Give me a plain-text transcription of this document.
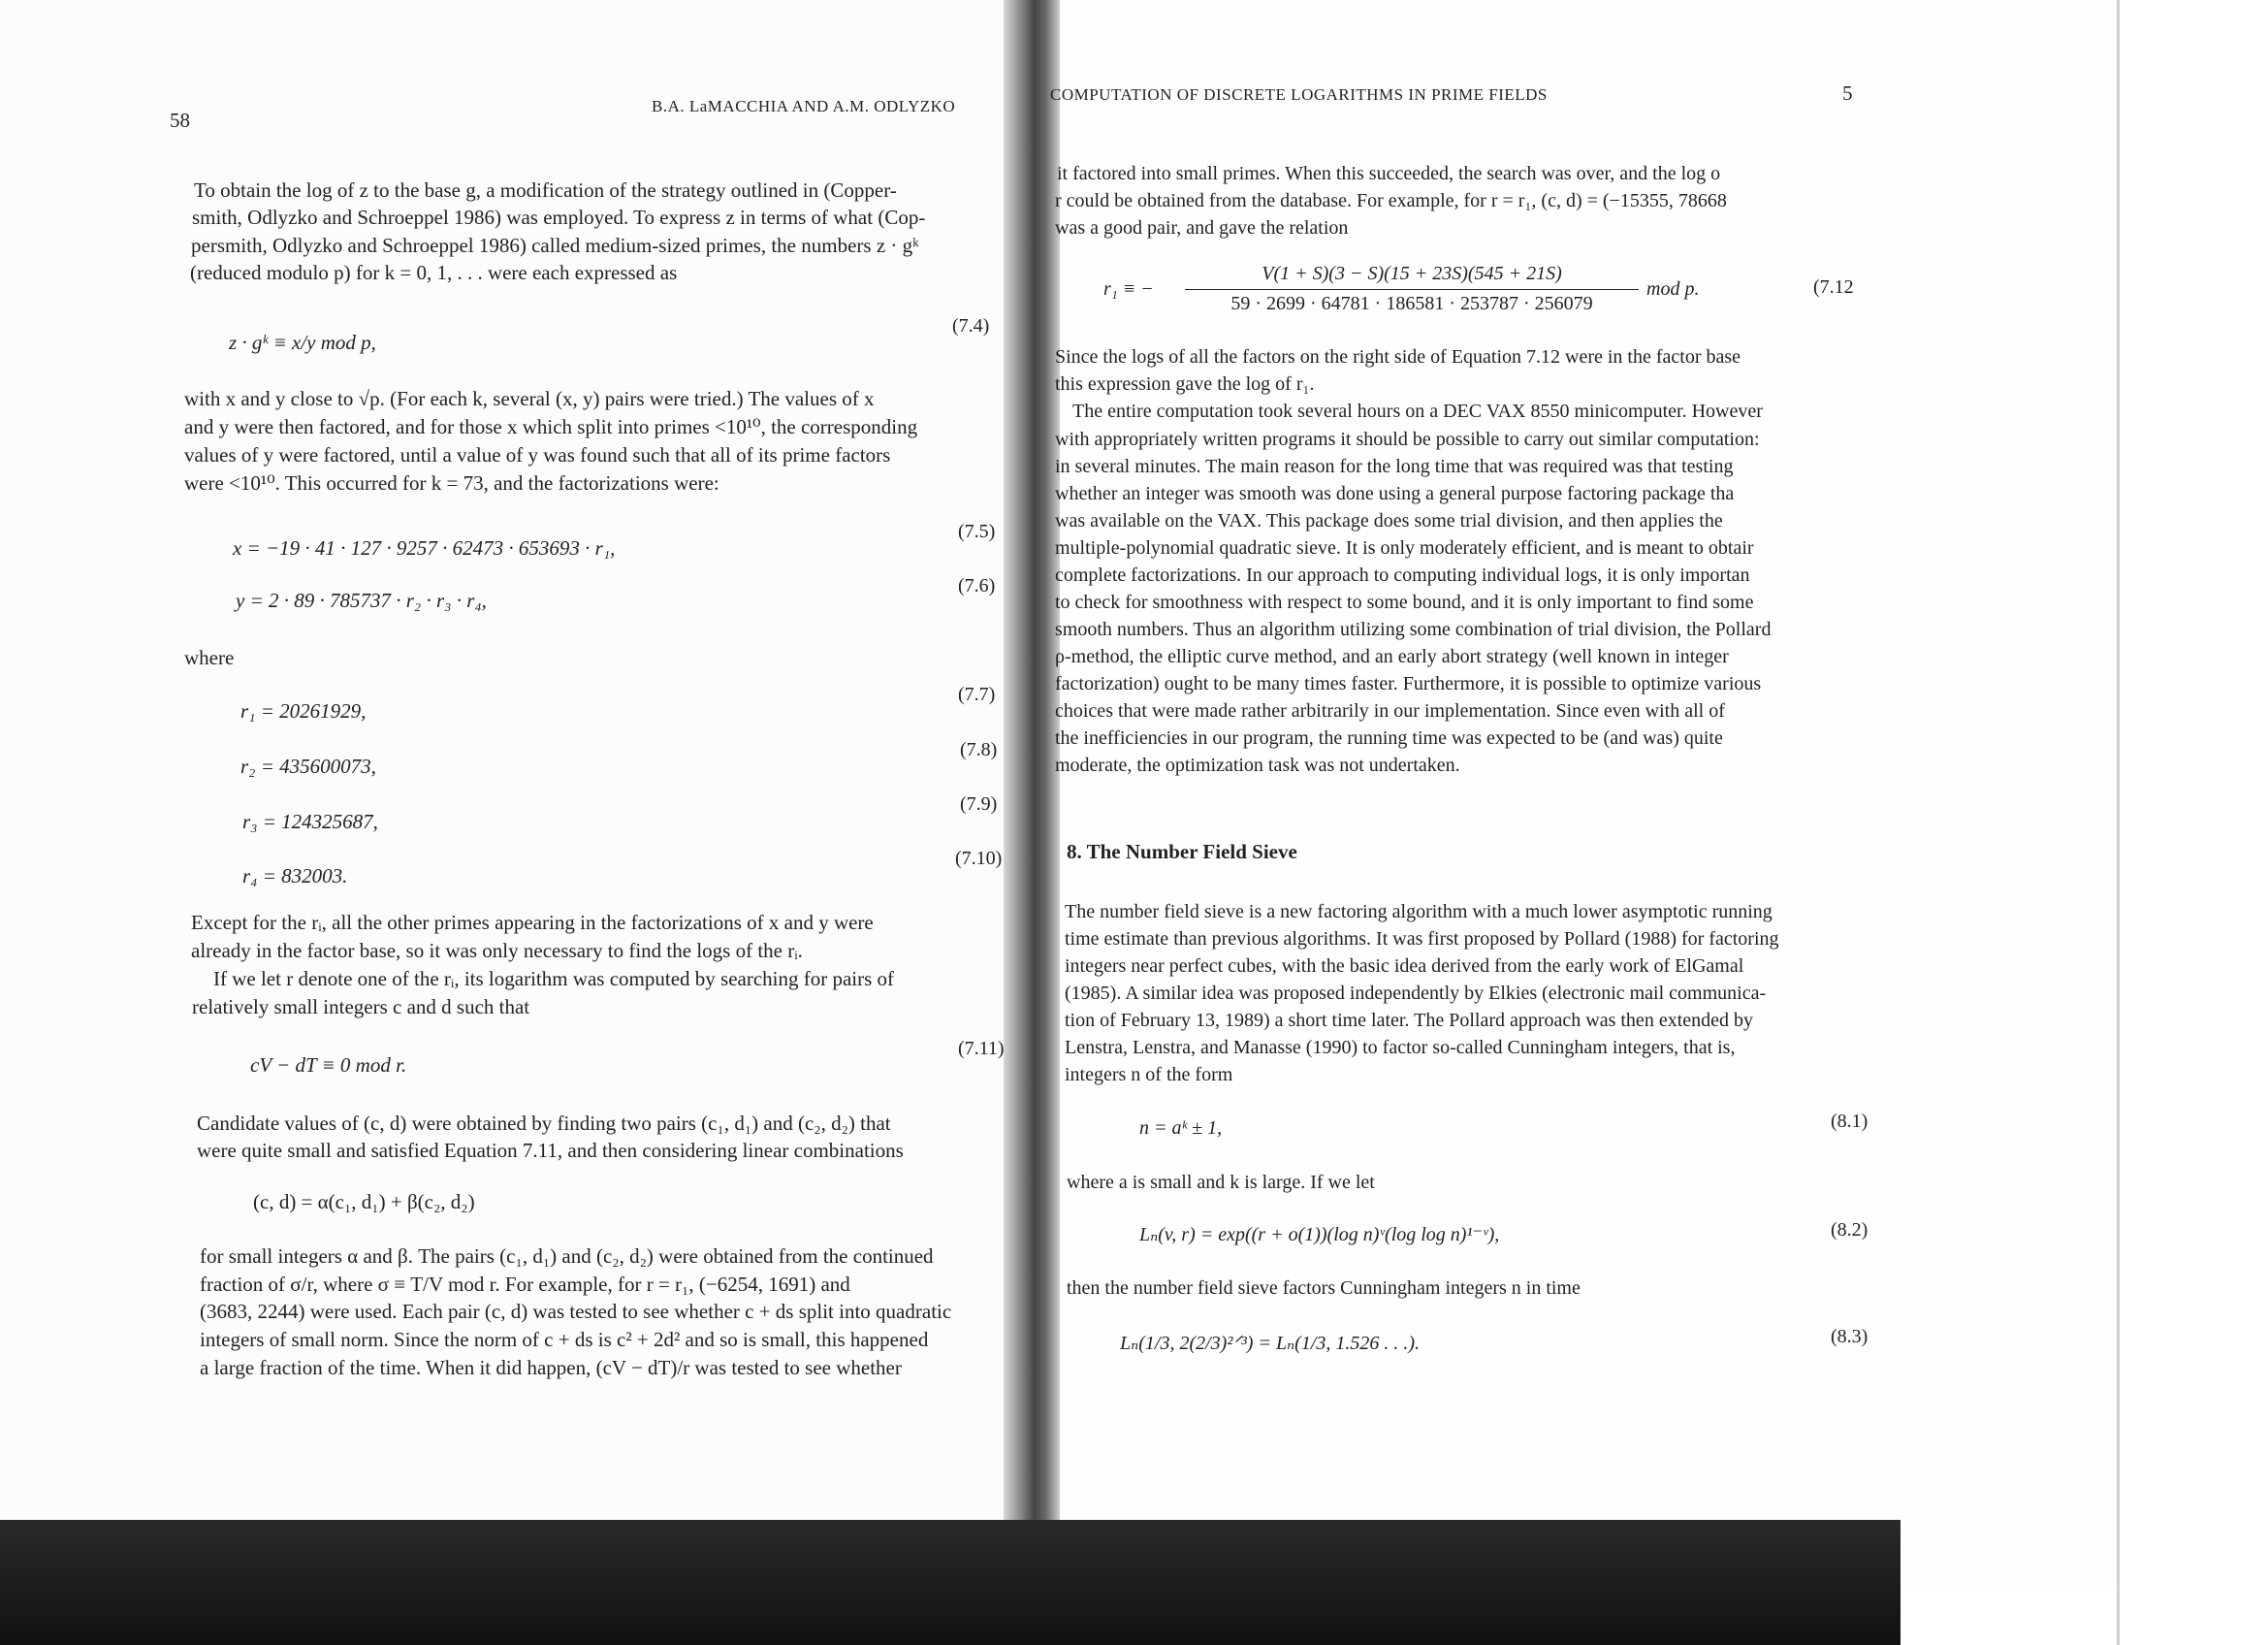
58
B.A. LaMACCHIA AND A.M. ODLYZKO
To obtain the log of z to the base g, a modification of the strategy outlined in (Copper-
smith, Odlyzko and Schroeppel 1986) was employed. To express z in terms of what (Cop-
persmith, Odlyzko and Schroeppel 1986) called medium-sized primes, the numbers z · gᵏ
(reduced modulo p) for k = 0, 1, . . . were each expressed as
z · gᵏ ≡ x/y mod p,
(7.4)
with x and y close to √p. (For each k, several (x, y) pairs were tried.) The values of x
and y were then factored, and for those x which split into primes <10¹⁰, the corresponding
values of y were factored, until a value of y was found such that all of its prime factors
were <10¹⁰. This occurred for k = 73, and the factorizations were:
x = −19 · 41 · 127 · 9257 · 62473 · 653693 · r₁,
(7.5)
y = 2 · 89 · 785737 · r₂ · r₃ · r₄,
(7.6)
where
r₁ = 20261929,
(7.7)
r₂ = 435600073,
(7.8)
r₃ = 124325687,
(7.9)
r₄ = 832003.
(7.10)
Except for the rᵢ, all the other primes appearing in the factorizations of x and y were
already in the factor base, so it was only necessary to find the logs of the rᵢ.
If we let r denote one of the rᵢ, its logarithm was computed by searching for pairs of
relatively small integers c and d such that
cV − dT ≡ 0 mod r.
(7.11)
Candidate values of (c, d) were obtained by finding two pairs (c₁, d₁) and (c₂, d₂) that
were quite small and satisfied Equation 7.11, and then considering linear combinations
(c, d) = α(c₁, d₁) + β(c₂, d₂)
for small integers α and β. The pairs (c₁, d₁) and (c₂, d₂) were obtained from the continued
fraction of σ/r, where σ ≡ T/V mod r. For example, for r = r₁, (−6254, 1691) and
(3683, 2244) were used. Each pair (c, d) was tested to see whether c + ds split into quadratic
integers of small norm. Since the norm of c + ds is c² + 2d² and so is small, this happened
a large fraction of the time. When it did happen, (cV − dT)/r was tested to see whether
COMPUTATION OF DISCRETE LOGARITHMS IN PRIME FIELDS	5
it factored into small primes. When this succeeded, the search was over, and the log o
r could be obtained from the database. For example, for r = r₁, (c, d) = (−15355, 78668
was a good pair, and gave the relation
r₁ ≡ −
V(1 + S)(3 − S)(15 + 23S)(545 + 21S)
59 · 2699 · 64781 · 186581 · 253787 · 256079
mod p.	(7.12
Since the logs of all the factors on the right side of Equation 7.12 were in the factor base
this expression gave the log of r₁.
The entire computation took several hours on a DEC VAX 8550 minicomputer. However
with appropriately written programs it should be possible to carry out similar computation:
in several minutes. The main reason for the long time that was required was that testing
whether an integer was smooth was done using a general purpose factoring package tha
was available on the VAX. This package does some trial division, and then applies the
multiple-polynomial quadratic sieve. It is only moderately efficient, and is meant to obtair
complete factorizations. In our approach to computing individual logs, it is only importan
to check for smoothness with respect to some bound, and it is only important to find some
smooth numbers. Thus an algorithm utilizing some combination of trial division, the Pollard
ρ-method, the elliptic curve method, and an early abort strategy (well known in integer
factorization) ought to be many times faster. Furthermore, it is possible to optimize various
choices that were made rather arbitrarily in our implementation. Since even with all of
the inefficiencies in our program, the running time was expected to be (and was) quite
moderate, the optimization task was not undertaken.
8. The Number Field Sieve
The number field sieve is a new factoring algorithm with a much lower asymptotic running
time estimate than previous algorithms. It was first proposed by Pollard (1988) for factoring
integers near perfect cubes, with the basic idea derived from the early work of ElGamal
(1985). A similar idea was proposed independently by Elkies (electronic mail communica-
tion of February 13, 1989) a short time later. The Pollard approach was then extended by
Lenstra, Lenstra, and Manasse (1990) to factor so-called Cunningham integers, that is,
integers n of the form
n = aᵏ ± 1,	(8.1)
where a is small and k is large. If we let
Lₙ(v, r) = exp((r + o(1))(log n)ᵛ(log log n)¹⁻ᵛ),	(8.2)
then the number field sieve factors Cunningham integers n in time
Lₙ(1/3, 2(2/3)²ᐟ³) = Lₙ(1/3, 1.526 . . .).	(8.3)
